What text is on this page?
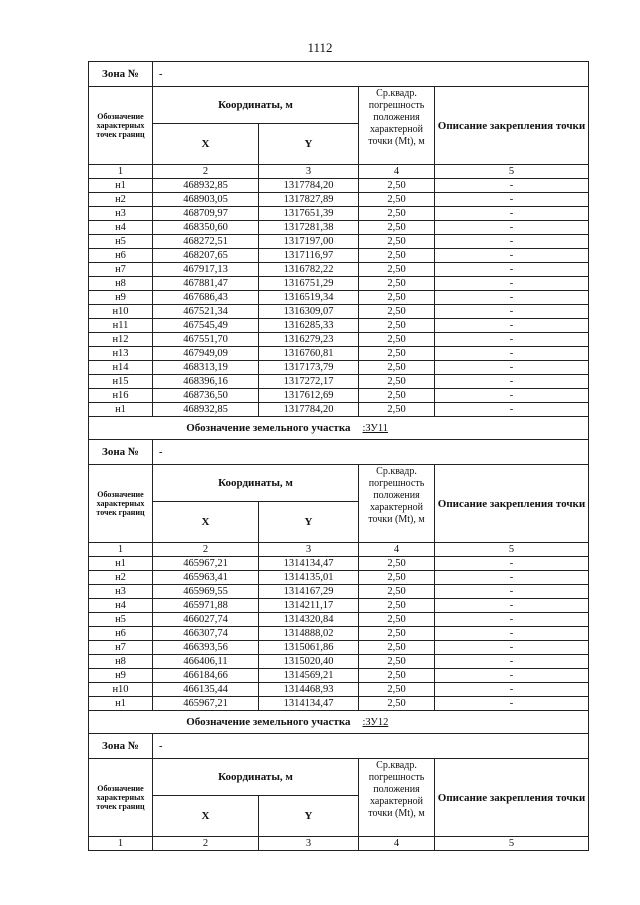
1112
Зона №	-			
Обозначение характерных точек границ	Координаты, м		Ср.квадр. погрешность положения	Описание закрепления точки
	X	Y	характерной точки (Mt), м	
1	2	3	4	5
н1	468932,85	1317784,20	2,50	-
н2	468903,05	1317827,89	2,50	-
н3	468709,97	1317651,39	2,50	-
н4	468350,60	1317281,38	2,50	-
н5	468272,51	1317197,00	2,50	-
н6	468207,65	1317116,97	2,50	-
н7	467917,13	1316782,22	2,50	-
н8	467881,47	1316751,29	2,50	-
н9	467686,43	1316519,34	2,50	-
н10	467521,34	1316309,07	2,50	-
н11	467545,49	1316285,33	2,50	-
н12	467551,70	1316279,23	2,50	-
н13	467949,09	1316760,81	2,50	-
н14	468313,19	1317173,79	2,50	-
н15	468396,16	1317272,17	2,50	-
н16	468736,50	1317612,69	2,50	-
н1	468932,85	1317784,20	2,50	-
Обозначение земельного участка			:ЗУ11	
Зона №	-			
Обозначение характерных точек границ	Координаты, м		Ср.квадр. погрешность положения	Описание закрепления точки
	X	Y	характерной точки (Mt), м	
1	2	3	4	5
н1	465967,21	1314134,47	2,50	-
н2	465963,41	1314135,01	2,50	-
н3	465969,55	1314167,29	2,50	-
н4	465971,88	1314211,17	2,50	-
н5	466027,74	1314320,84	2,50	-
н6	466307,74	1314888,02	2,50	-
н7	466393,56	1315061,86	2,50	-
н8	466406,11	1315020,40	2,50	-
н9	466184,66	1314569,21	2,50	-
н10	466135,44	1314468,93	2,50	-
н1	465967,21	1314134,47	2,50	-
Обозначение земельного участка			:ЗУ12	
Зона №	-			
Обозначение характерных точек границ	Координаты, м		Ср.квадр. погрешность положения	Описание закрепления точки
	X	Y	характерной точки (Mt), м	
1	2	3	4	5
